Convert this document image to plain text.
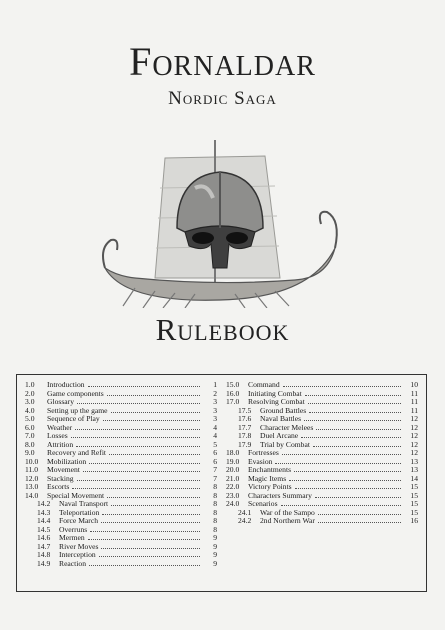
Fornaldar
Nordic Saga
Rulebook
1.0	Introduction	1
2.0	Game components	2
3.0	Glossary	3
4.0	Setting up the game	3
5.0	Sequence of Play	3
6.0	Weather	4
7.0	Losses	4
8.0	Attrition	5
9.0	Recovery and Refit	6
10.0	Mobilization	6
11.0	Movement	7
12.0	Stacking	7
13.0	Escorts	8
14.0	Special Movement	8
14.2	Naval Transport	8
14.3	Teleportation	8
14.4	Force March	8
14.5	Overruns	8
14.6	Mermen	9
14.7	River Moves	9
14.8	Interception	9
14.9	Reaction	9
15.0	Command	10
16.0	Initiating Combat	11
17.0	Resolving Combat	11
17.5	Ground Battles	11
17.6	Naval Battles	12
17.7	Character Melees	12
17.8	Duel Arcane	12
17.9	Trial by Combat	12
18.0	Fortresses	12
19.0	Evasion	13
20.0	Enchantments	13
21.0	Magic Items	14
22.0	Victory Points	15
23.0	Characters Summary	15
24.0	Scenarios	15
24.1	War of the Sampo	15
24.2	2nd Northern War	16
